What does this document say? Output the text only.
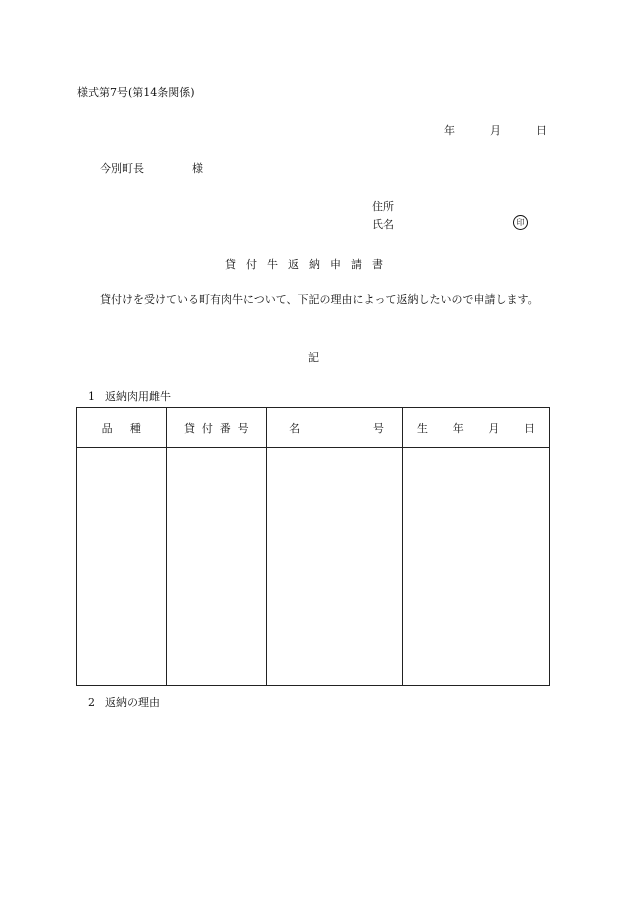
様式第7号(第14条関係)
年	月	日
今別町長	様
住所
氏名	印
貸付牛返納申請書
貸付けを受けている町有肉牛について、下記の理由によって返納したいので申請します。
記
1 返納肉用雌牛
品 種	貸 付 番 号	名 号	生 年 月 日

2 返納の理由
